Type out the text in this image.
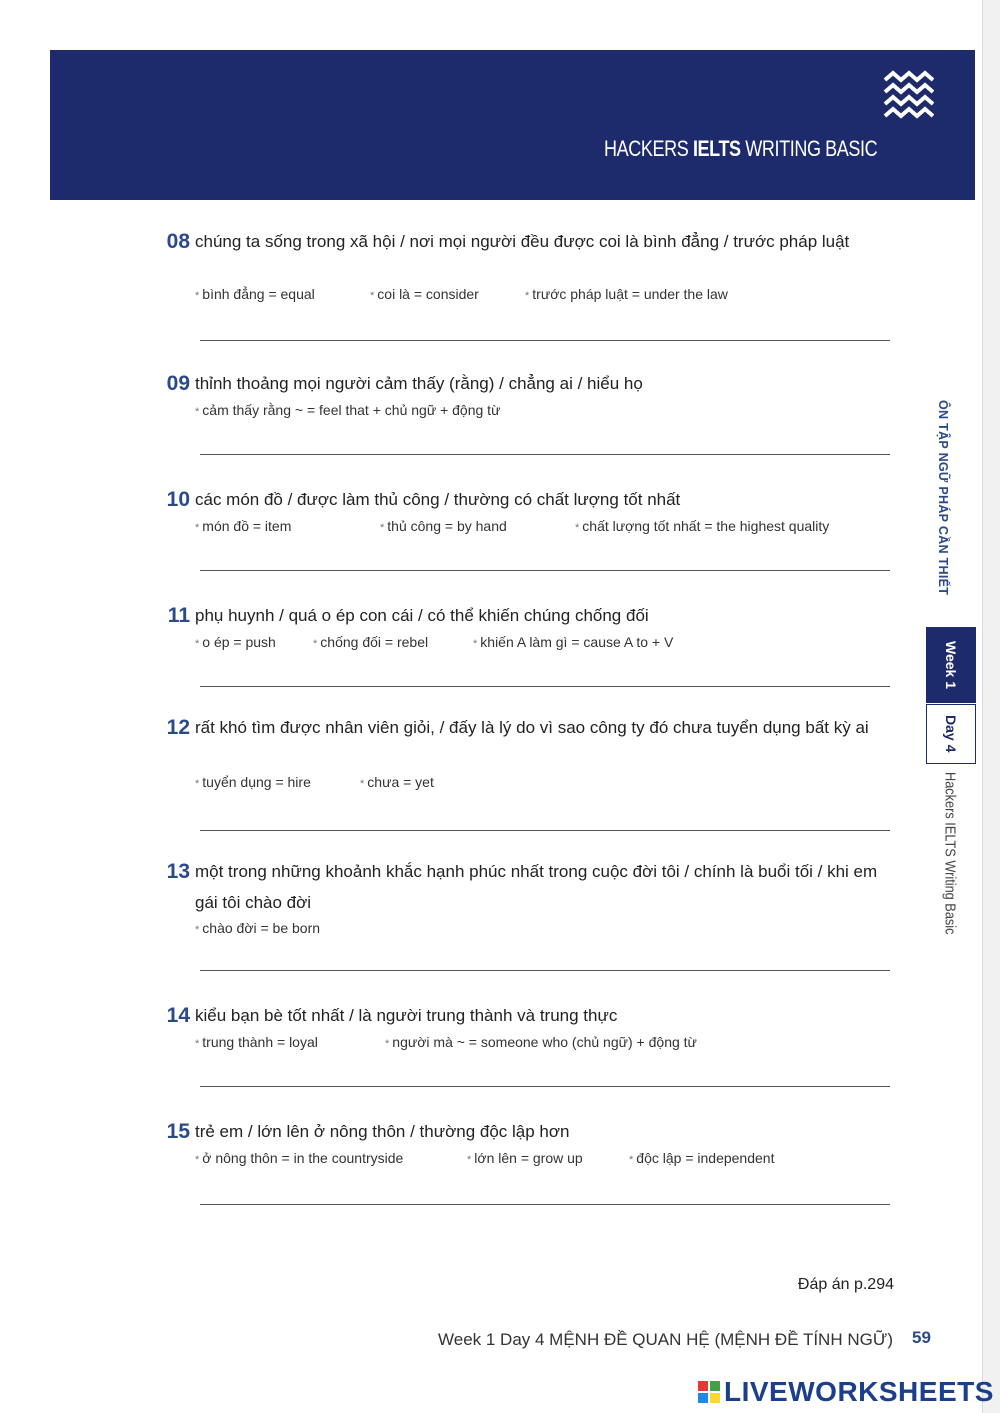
HACKERS IELTS WRITING BASIC
08 chúng ta sống trong xã hội / nơi mọi người đều được coi là bình đẳng / trước pháp luật
* bình đẳng = equal	* coi là = consider	* trước pháp luật = under the law
09 thỉnh thoảng mọi người cảm thấy (rằng) / chẳng ai / hiểu họ
* cảm thấy rằng ~ = feel that + chủ ngữ + động từ
10 các món đồ / được làm thủ công / thường có chất lượng tốt nhất
* món đồ = item	* thủ công = by hand	* chất lượng tốt nhất = the highest quality
11 phụ huynh / quá o ép con cái / có thể khiến chúng chống đối
* o ép = push	* chống đối = rebel	* khiến A làm gì = cause A to + V
12 rất khó tìm được nhân viên giỏi, / đấy là lý do vì sao công ty đó chưa tuyển dụng bất kỳ ai
* tuyển dụng = hire	* chưa = yet
13 một trong những khoảnh khắc hạnh phúc nhất trong cuộc đời tôi / chính là buổi tối / khi em gái tôi chào đời
* chào đời = be born
14 kiểu bạn bè tốt nhất / là người trung thành và trung thực
* trung thành = loyal	* người mà ~ = someone who (chủ ngữ) + động từ
15 trẻ em / lớn lên ở nông thôn / thường độc lập hơn
* ở nông thôn = in the countryside	* lớn lên = grow up	* độc lập = independent
ÔN TẬP NGỮ PHÁP CẦN THIẾT
Week 1
Day 4
Hackers IELTS Writing Basic
Đáp án p.294
Week 1 Day 4 MỆNH ĐỀ QUAN HỆ (MỆNH ĐỀ TÍNH NGỮ) 59
LIVEWORKSHEETS
